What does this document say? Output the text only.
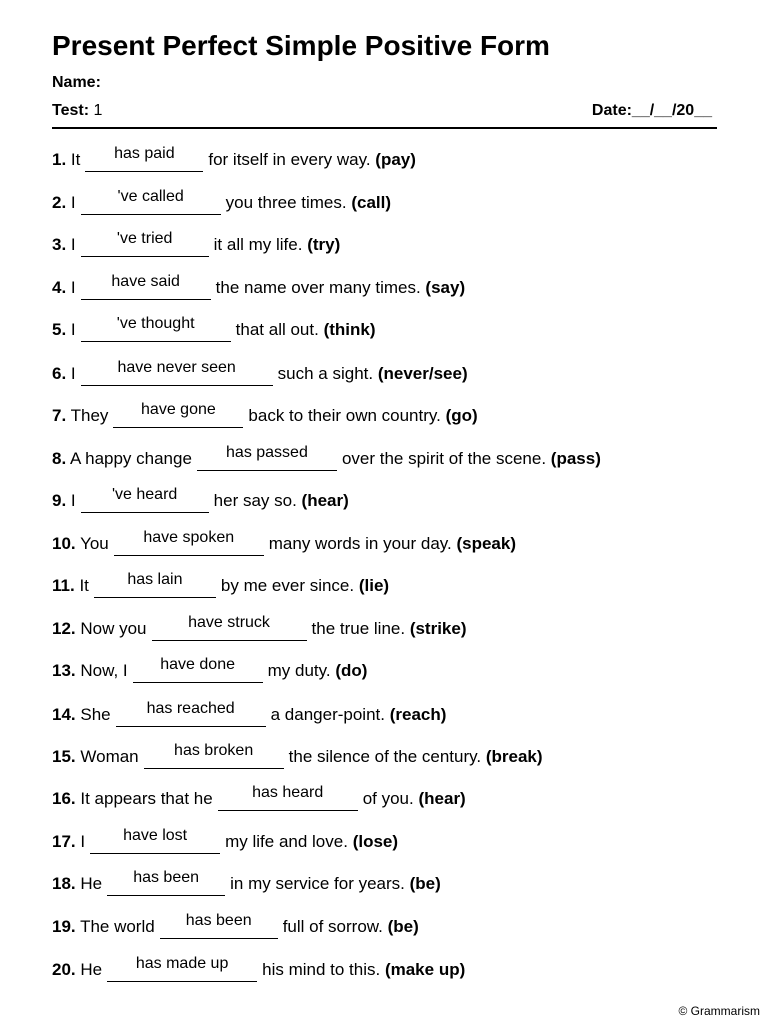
Present Perfect Simple Positive Form
Name:
Test: 1	Date:__/__/20__
1. It has paid for itself in every way. (pay)
2. I	've called you three times. (call)
3. I	've tried it all my life. (try)
4. I have said the name over many times. (say)
5. I	've thought that all out. (think)
6. I	have never seen such a sight. (never/see)
7. They have gone back to their own country. (go)
8. A happy change has passed over the spirit of the scene. (pass)
9. I 've heard her say so. (hear)
10. You have spoken many words in your day. (speak)
11. It has lain by me ever since. (lie)
12. Now you	have struck the true line. (strike)
13. Now, I have done my duty. (do)
14. She has reached a danger-point. (reach)
15. Woman has broken the silence of the century. (break)
16. It appears that he has heard of you. (hear)
17. I have lost my life and love. (lose)
18. He has been in my service for years. (be)
19. The world has been full of sorrow. (be)
20. He has made up his mind to this. (make up)
© Grammarism
